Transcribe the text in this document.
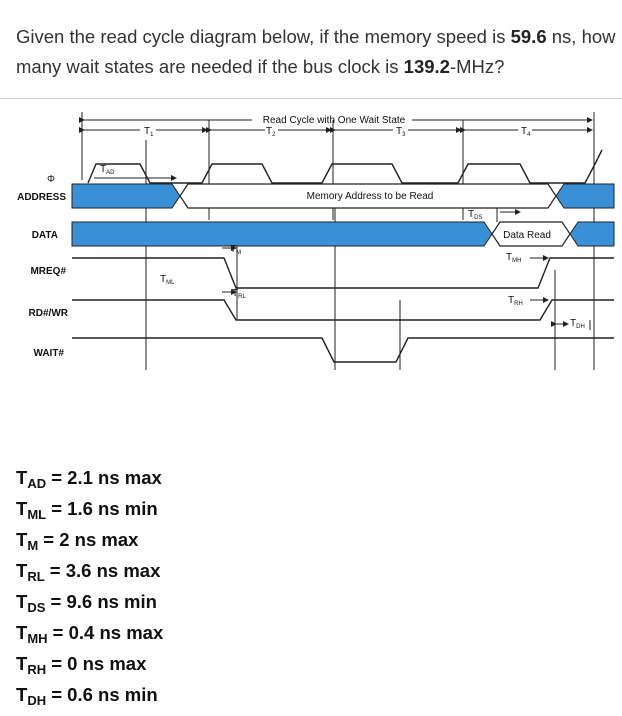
Given the read cycle diagram below, if the memory speed is 59.6 ns, how many wait states are needed if the bus clock is 139.2-MHz?
Read Cycle with One Wait State
$T_1$	$T_2$	$T_3$	$T_4$
Φ
ADDRESS
DATA
MREQ#
RD#/WR
WAIT#
Memory Address to be Read
Data Read
$T_{AD}$
$T_{ML}$
$T_M$
$T_{RL}$
$T_{DS}$
$T_{MH}$
$T_{RH}$
$T_{DH}$
$T_{AD} = 2.1$ ns max
$T_{ML} = 1.6$ ns min
$T_M = 2$ ns max
$T_{RL} = 3.6$ ns max
$T_{DS} = 9.6$ ns min
$T_{MH} = 0.4$ ns max
$T_{RH} = 0$ ns max
$T_{DH} = 0.6$ ns min
